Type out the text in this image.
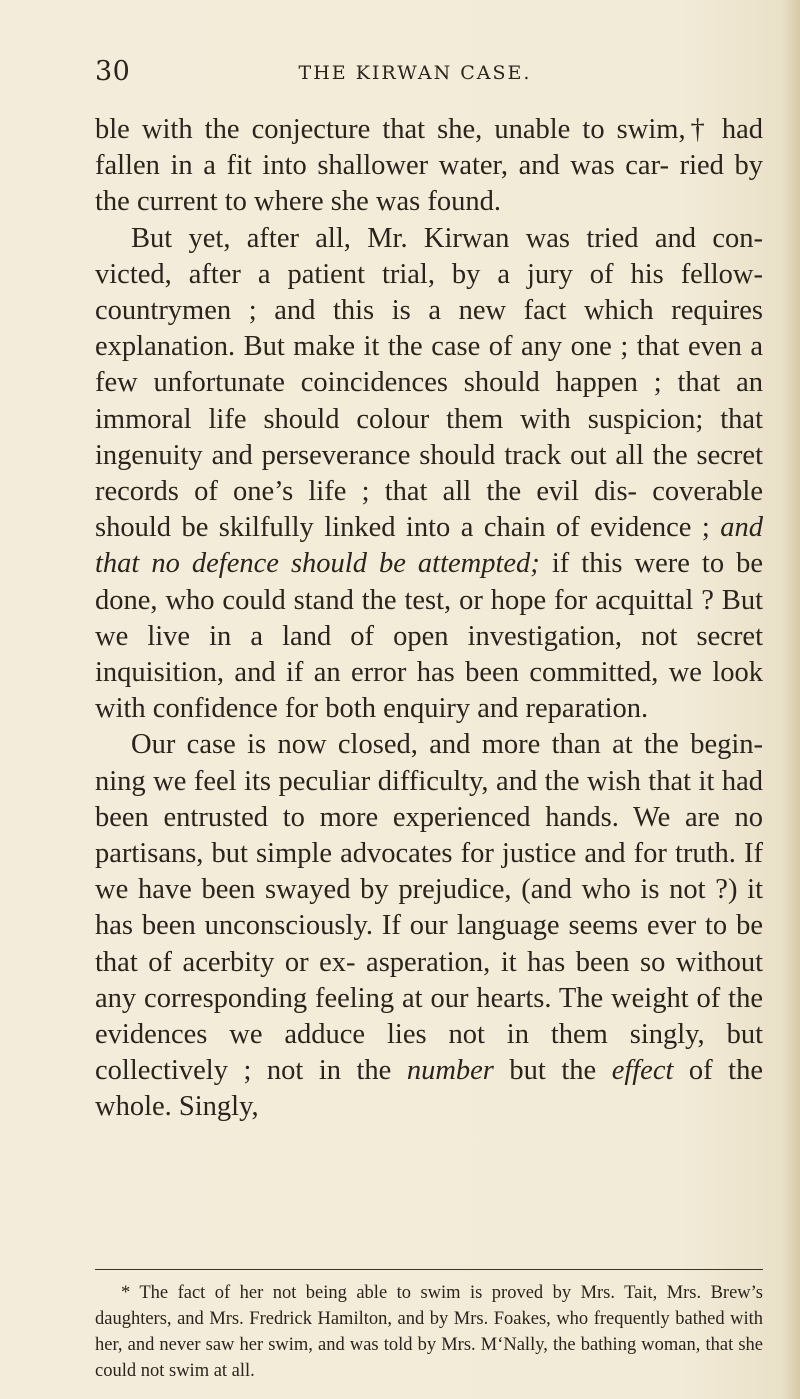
30	THE KIRWAN CASE.

ble with the conjecture that she, unable to swim,† had fallen in a fit into shallower water, and was car- ried by the current to where she was found.

But yet, after all, Mr. Kirwan was tried and con- victed, after a patient trial, by a jury of his fellow- countrymen ; and this is a new fact which requires explanation. But make it the case of any one ; that even a few unfortunate coincidences should happen ; that an immoral life should colour them with suspicion; that ingenuity and perseverance should track out all the secret records of one’s life ; that all the evil dis- coverable should be skilfully linked into a chain of evidence ; and that no defence should be attempted; if this were to be done, who could stand the test, or hope for acquittal ? But we live in a land of open investigation, not secret inquisition, and if an error has been committed, we look with confidence for both enquiry and reparation.

Our case is now closed, and more than at the begin- ning we feel its peculiar difficulty, and the wish that it had been entrusted to more experienced hands. We are no partisans, but simple advocates for justice and for truth. If we have been swayed by prejudice, (and who is not ?) it has been unconsciously. If our language seems ever to be that of acerbity or ex- asperation, it has been so without any corresponding feeling at our hearts. The weight of the evidences we adduce lies not in them singly, but collectively ; not in the number but the effect of the whole. Singly,

* The fact of her not being able to swim is proved by Mrs. Tait, Mrs. Brew’s daughters, and Mrs. Fredrick Hamilton, and by Mrs. Foakes, who frequently bathed with her, and never saw her swim, and was told by Mrs. M‘Nally, the bathing woman, that she could not swim at all.
